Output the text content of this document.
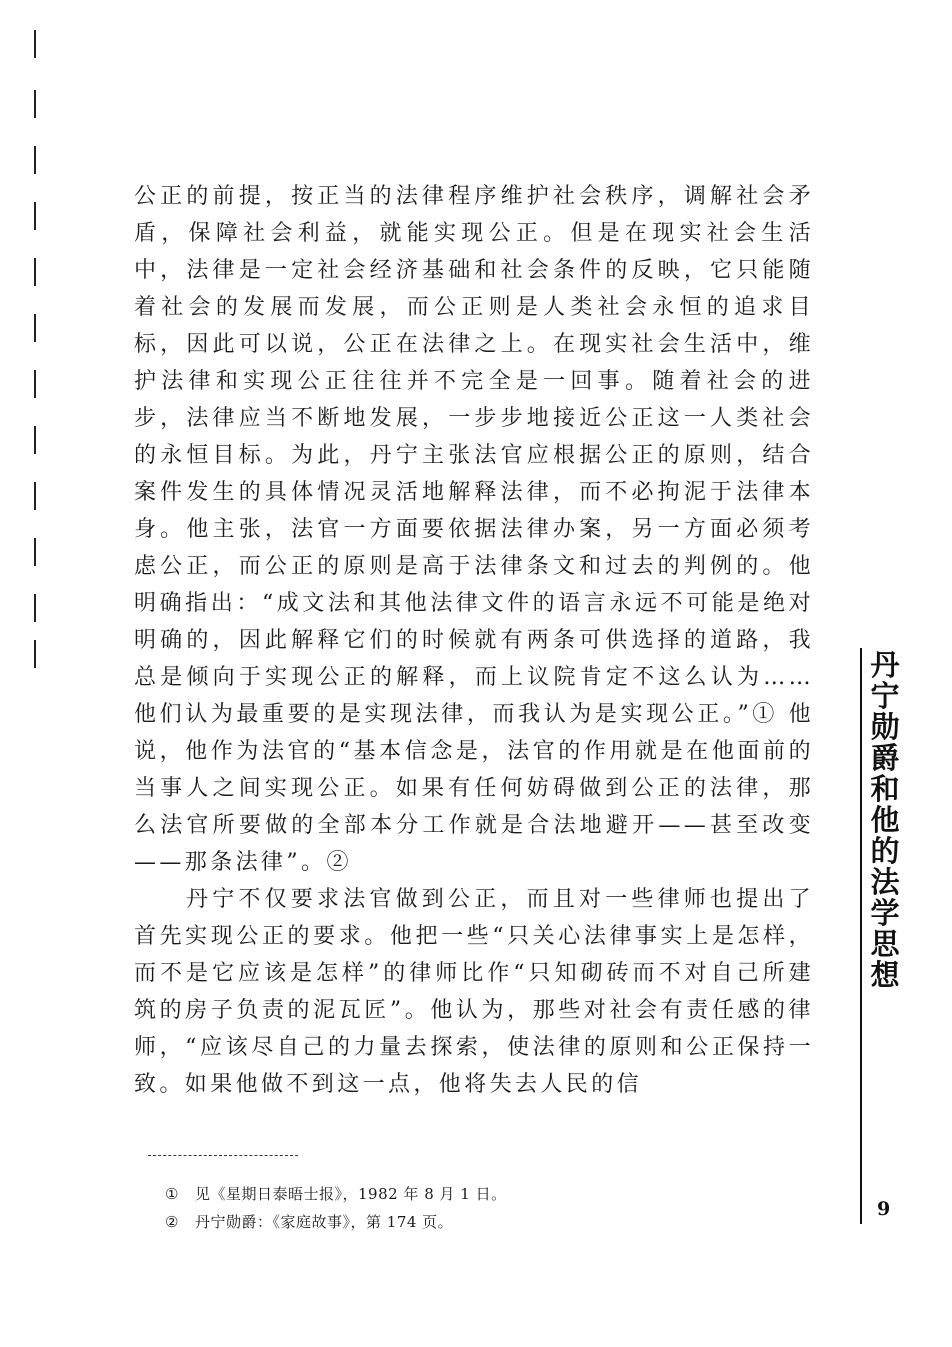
公正的前提，按正当的法律程序维护社会秩序，调解社会矛盾，保障社会利益，就能实现公正。但是在现实社会生活中，法律是一定社会经济基础和社会条件的反映，它只能随着社会的发展而发展，而公正则是人类社会永恒的追求目标，因此可以说，公正在法律之上。在现实社会生活中，维护法律和实现公正往往并不完全是一回事。随着社会的进步，法律应当不断地发展，一步步地接近公正这一人类社会的永恒目标。为此，丹宁主张法官应根据公正的原则，结合案件发生的具体情况灵活地解释法律，而不必拘泥于法律本身。他主张，法官一方面要依据法律办案，另一方面必须考虑公正，而公正的原则是高于法律条文和过去的判例的。他明确指出：“成文法和其他法律文件的语言永远不可能是绝对明确的，因此解释它们的时候就有两条可供选择的道路，我总是倾向于实现公正的解释，而上议院肯定不这么认为……他们认为最重要的是实现法律，而我认为是实现公正。”① 他说，他作为法官的“基本信念是，法官的作用就是在他面前的当事人之间实现公正。如果有任何妨碍做到公正的法律，那么法官所要做的全部本分工作就是合法地避开——甚至改变——那条法律”。②

丹宁不仅要求法官做到公正，而且对一些律师也提出了首先实现公正的要求。他把一些“只关心法律事实上是怎样，而不是它应该是怎样”的律师比作“只知砌砖而不对自己所建筑的房子负责的泥瓦匠”。他认为，那些对社会有责任感的律师，“应该尽自己的力量去探索，使法律的原则和公正保持一致。如果他做不到这一点，他将失去人民的信

① 见《星期日泰晤士报》，1982 年 8 月 1 日。
② 丹宁勋爵：《家庭故事》，第 174 页。
丹宁勋爵和他的法学思想
9
